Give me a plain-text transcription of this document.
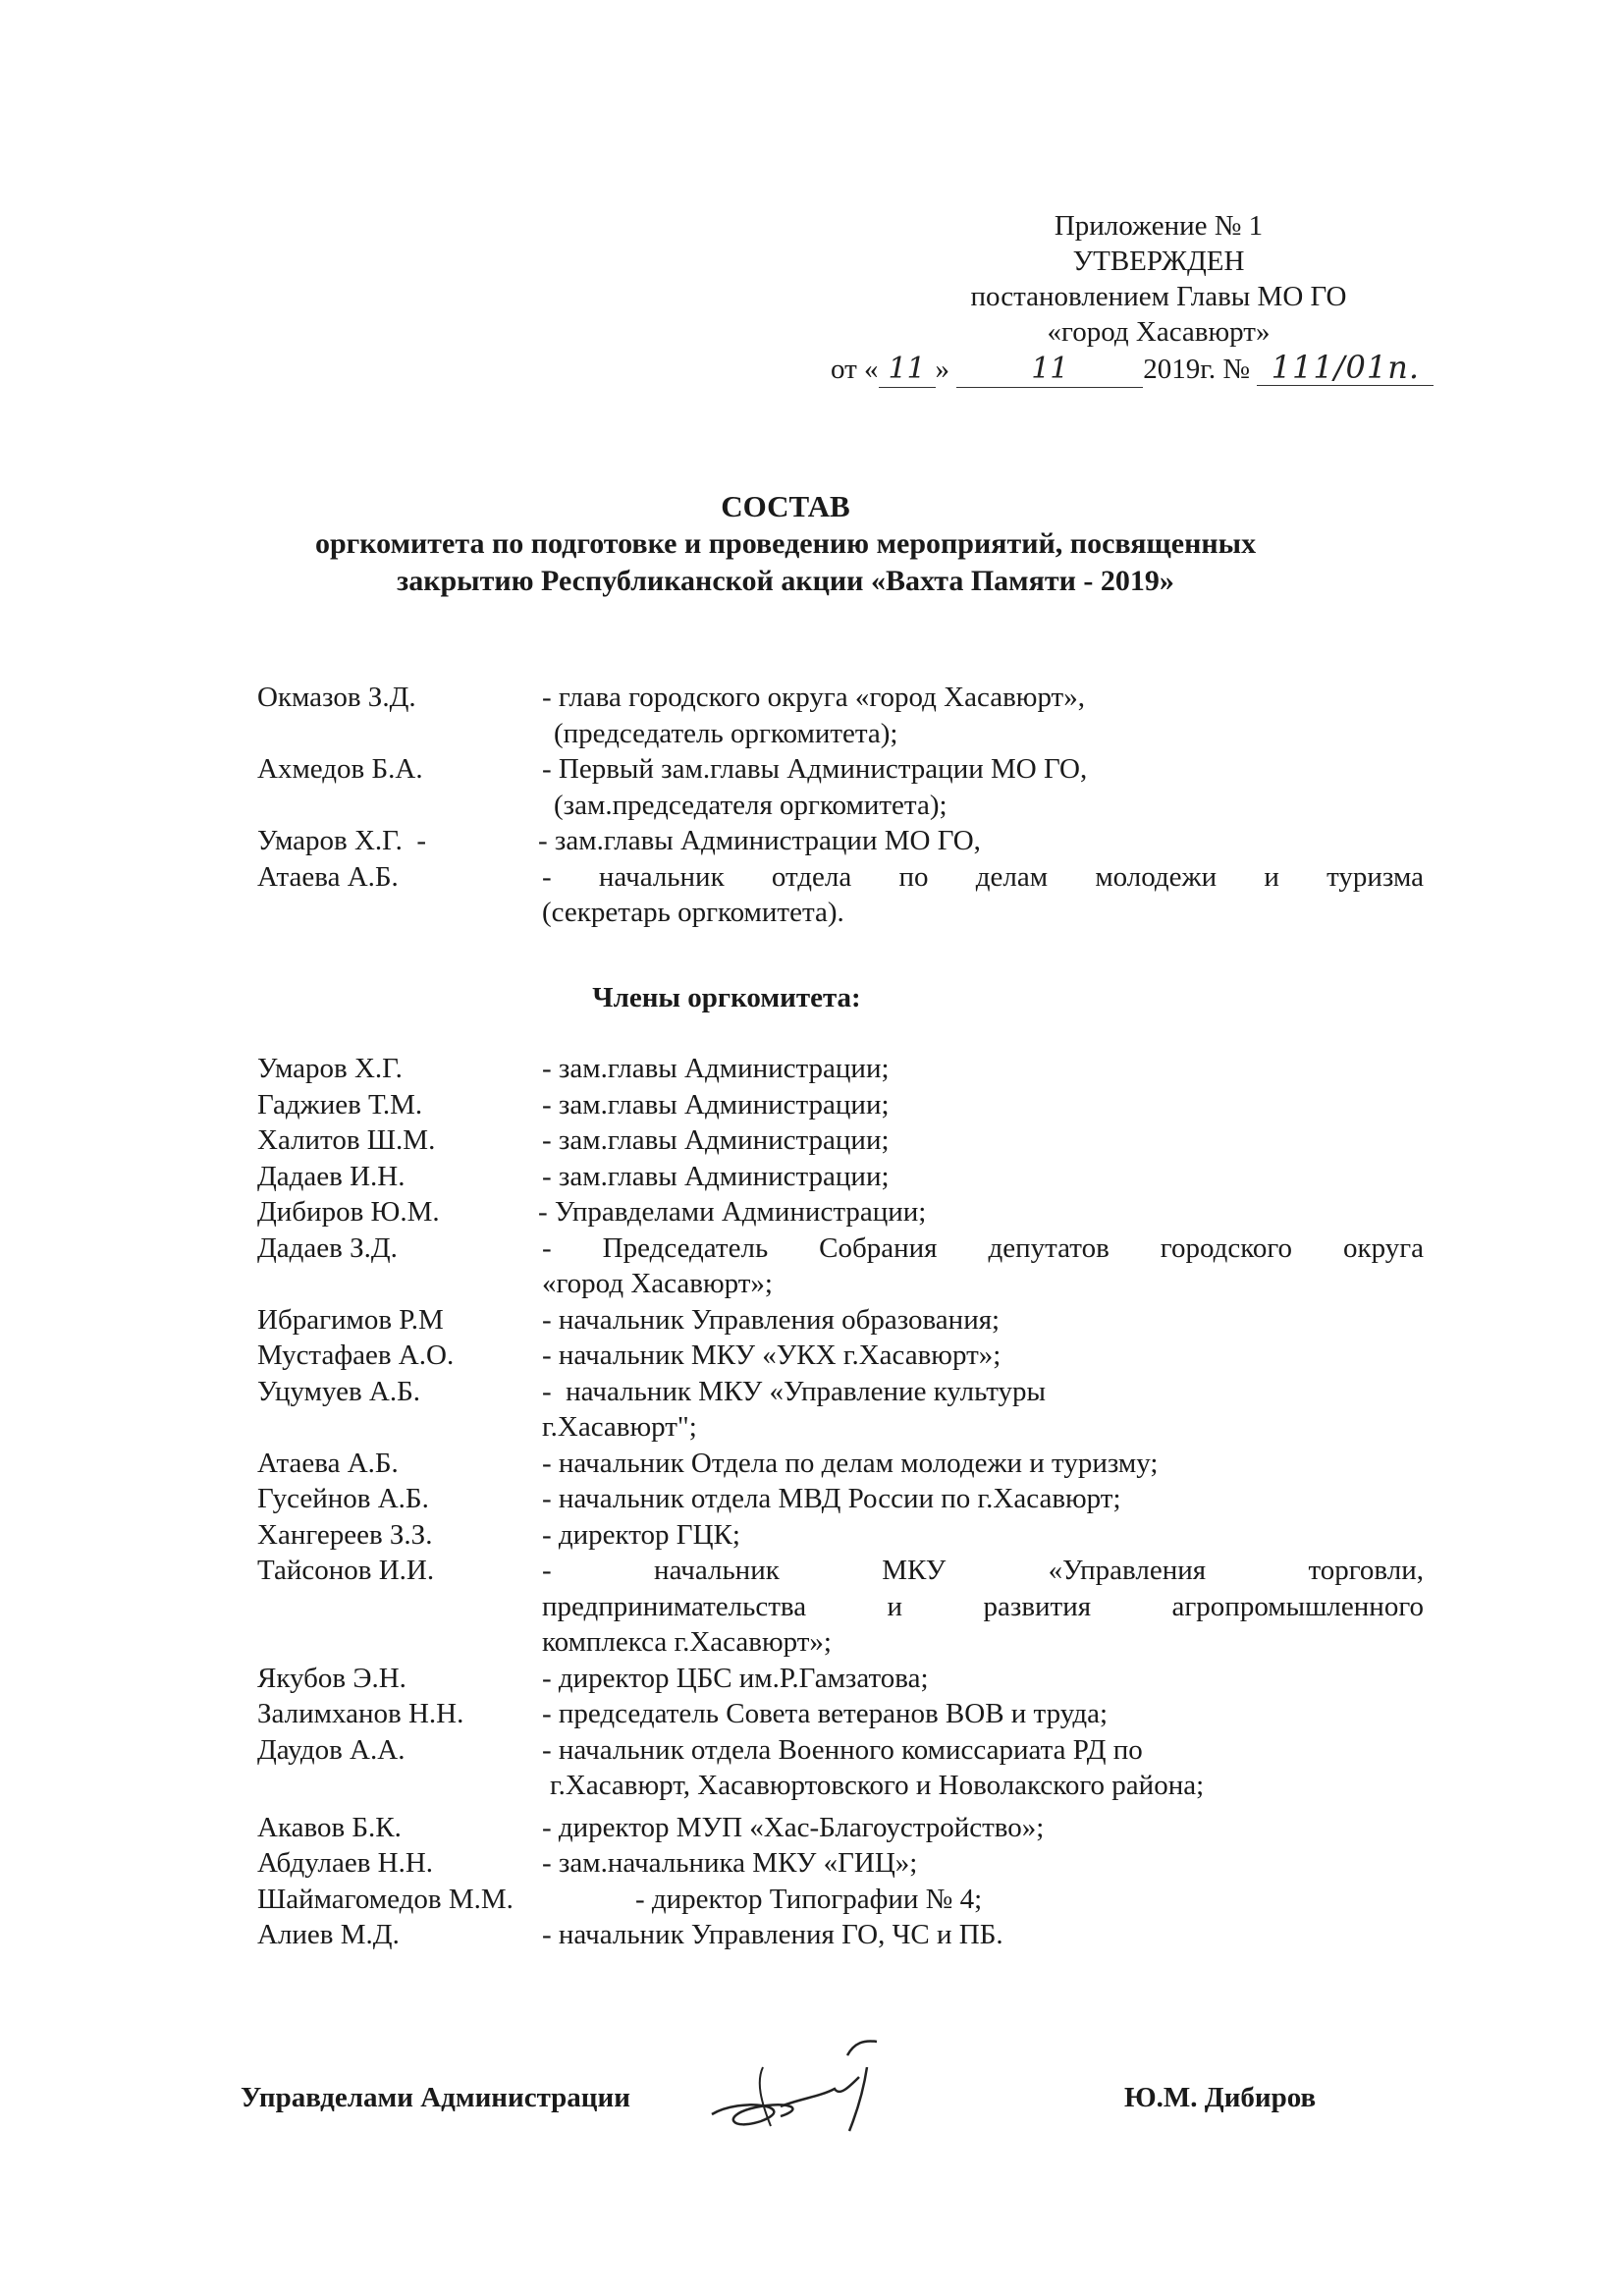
Приложение № 1
УТВЕРЖДЕН
постановлением Главы МО ГО
«город Хасавюрт»
от « 11 »	11	2019г. № 111/01п.
СОСТАВ
оргкомитета по подготовке и проведению мероприятий, посвященных
закрытию Республиканской акции «Вахта Памяти - 2019»
Окмазов З.Д.	- глава городского округа «город Хасавюрт»,
(председатель оргкомитета);
Ахмедов Б.А.	- Первый зам.главы Администрации МО ГО,
(зам.председателя оргкомитета);
Умаров Х.Г.  -	- зам.главы Администрации МО ГО,
Атаева А.Б.	- начальник отдела по делам молодежи и туризма
(секретарь оргкомитета).
Члены оргкомитета:
Умаров Х.Г.	- зам.главы Администрации;
Гаджиев Т.М.	- зам.главы Администрации;
Халитов Ш.М.	- зам.главы Администрации;
Дадаев И.Н.	- зам.главы Администрации;
Дибиров Ю.М.	- Управделами Администрации;
Дадаев З.Д.	- Председатель Собрания депутатов городского округа
«город Хасавюрт»;
Ибрагимов Р.М	- начальник Управления образования;
Мустафаев А.О.	- начальник МКУ «УКХ г.Хасавюрт»;
Уцумуев А.Б.	-  начальник МКУ «Управление культуры
г.Хасавюрт";
Атаева А.Б.	- начальник Отдела по делам молодежи и туризму;
Гусейнов А.Б.	- начальник отдела МВД России по г.Хасавюрт;
Хангереев З.З.	- директор ГЦК;
Тайсонов И.И.	- начальник МКУ «Управления торговли,
предпринимательства и развития агропромышленного
комплекса г.Хасавюрт»;
Якубов Э.Н.	- директор ЦБС им.Р.Гамзатова;
Залимханов Н.Н.	- председатель Совета ветеранов ВОВ и труда;
Даудов А.А.	- начальник отдела Военного комиссариата РД по
г.Хасавюрт, Хасавюртовского и Новолакского района;
Акавов Б.К.	- директор МУП «Хас-Благоустройство»;
Абдулаев Н.Н.	- зам.начальника МКУ «ГИЦ»;
Шаймагомедов М.М.	- директор Типографии № 4;
Алиев М.Д.	- начальник Управления ГО, ЧС и ПБ.
Управделами Администрации	Ю.М. Дибиров
